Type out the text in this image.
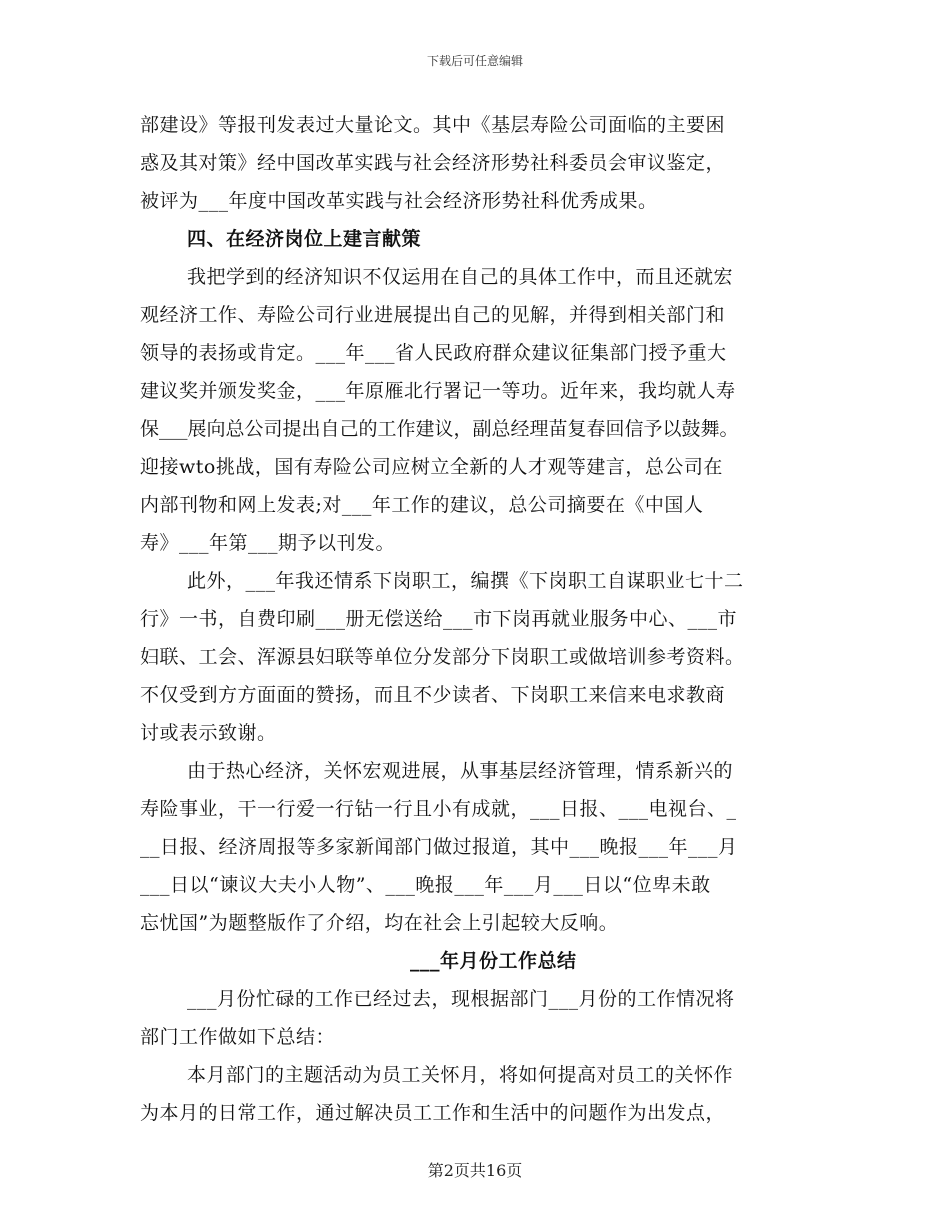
下载后可任意编辑
部建设》等报刊发表过大量论文。其中《基层寿险公司面临的主要困
惑及其对策》经中国改革实践与社会经济形势社科委员会审议鉴定，
被评为___年度中国改革实践与社会经济形势社科优秀成果。
四、在经济岗位上建言献策
我把学到的经济知识不仅运用在自己的具体工作中，而且还就宏
观经济工作、寿险公司行业进展提出自己的见解，并得到相关部门和
领导的表扬或肯定。___年___省人民政府群众建议征集部门授予重大
建议奖并颁发奖金，___年原雁北行署记一等功。近年来，我均就人寿
保___展向总公司提出自己的工作建议，副总经理苗复春回信予以鼓舞。
迎接wto挑战，国有寿险公司应树立全新的人才观等建言，总公司在
内部刊物和网上发表;对___年工作的建议，总公司摘要在《中国人
寿》___年第___期予以刊发。
此外，___年我还情系下岗职工，编撰《下岗职工自谋职业七十二
行》一书，自费印刷___册无偿送给___市下岗再就业服务中心、___市
妇联、工会、浑源县妇联等单位分发部分下岗职工或做培训参考资料。
不仅受到方方面面的赞扬，而且不少读者、下岗职工来信来电求教商
讨或表示致谢。
由于热心经济，关怀宏观进展，从事基层经济管理，情系新兴的
寿险事业，干一行爱一行钻一行且小有成就，___日报、___电视台、_
__日报、经济周报等多家新闻部门做过报道，其中___晚报___年___月
___日以“谏议大夫小人物”、___晚报___年___月___日以“位卑未敢
忘忧国”为题整版作了介绍，均在社会上引起较大反响。
___年月份工作总结
___月份忙碌的工作已经过去，现根据部门___月份的工作情况将
部门工作做如下总结：
本月部门的主题活动为员工关怀月，将如何提高对员工的关怀作
为本月的日常工作，通过解决员工工作和生活中的问题作为出发点，
第2页共16页
